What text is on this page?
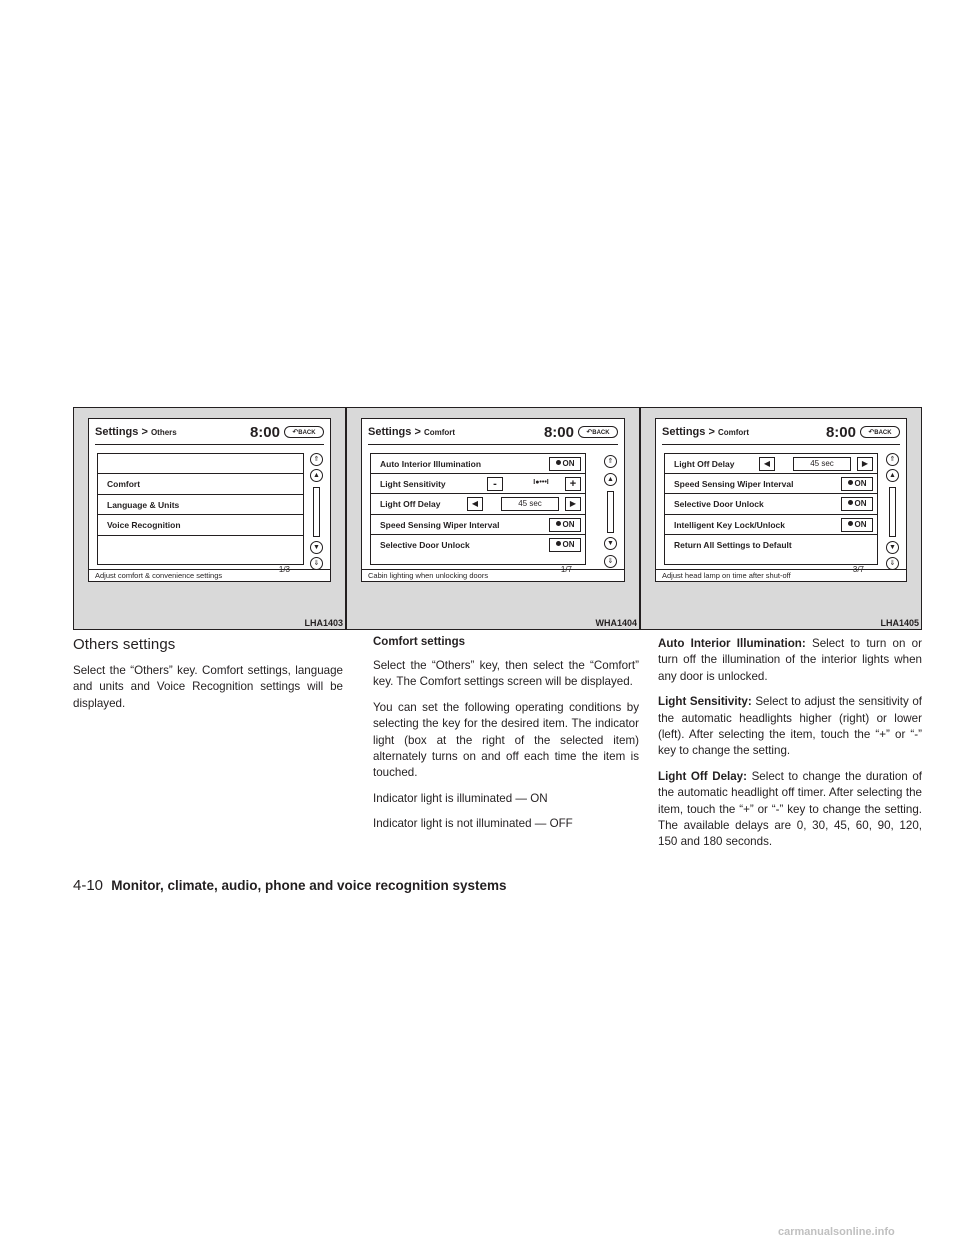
Settings > Others	8:00	↶BACK
Comfort
Language & Units
Voice Recognition
⇑
▲
▼
⇓
1/3
Adjust comfort & convenience settings
LHA1403
Settings > Comfort	8:00	↶BACK
Auto Interior Illumination	ON
Light Sensitivity	-	I●•••I	+
Light Off Delay	◀	45 sec	▶
Speed Sensing Wiper Interval	ON
Selective Door Unlock	ON
⇑
▲
▼
⇓
1/7
Cabin lighting when unlocking doors
WHA1404
Settings > Comfort	8:00	↶BACK
Light Off Delay	◀	45 sec	▶
Speed Sensing Wiper Interval	ON
Selective Door Unlock	ON
Intelligent Key Lock/Unlock	ON
Return All Settings to Default
⇑
▲
▼
⇓
3/7
Adjust head lamp on time after shut-off
LHA1405
Others settings

Select the “Others” key. Comfort settings, language and units and Voice Recognition settings will be displayed.

Comfort settings

Select the “Others” key, then select the “Comfort” key. The Comfort settings screen will be displayed.

You can set the following operating conditions by selecting the key for the desired item. The indicator light (box at the right of the selected item) alternately turns on and off each time the item is touched.

Indicator light is illuminated — ON

Indicator light is not illuminated — OFF

Auto Interior Illumination: Select to turn on or turn off the illumination of the interior lights when any door is unlocked.

Light Sensitivity: Select to adjust the sensitivity of the automatic headlights higher (right) or lower (left). After selecting the item, touch the “+” or “-” key to change the setting.

Light Off Delay: Select to change the duration of the automatic headlight off timer. After selecting the item, touch the “+” or “-” key to change the setting. The available delays are 0, 30, 45, 60, 90, 120, 150 and 180 seconds.

4-10 Monitor, climate, audio, phone and voice recognition systems
carmanualsonline.info
